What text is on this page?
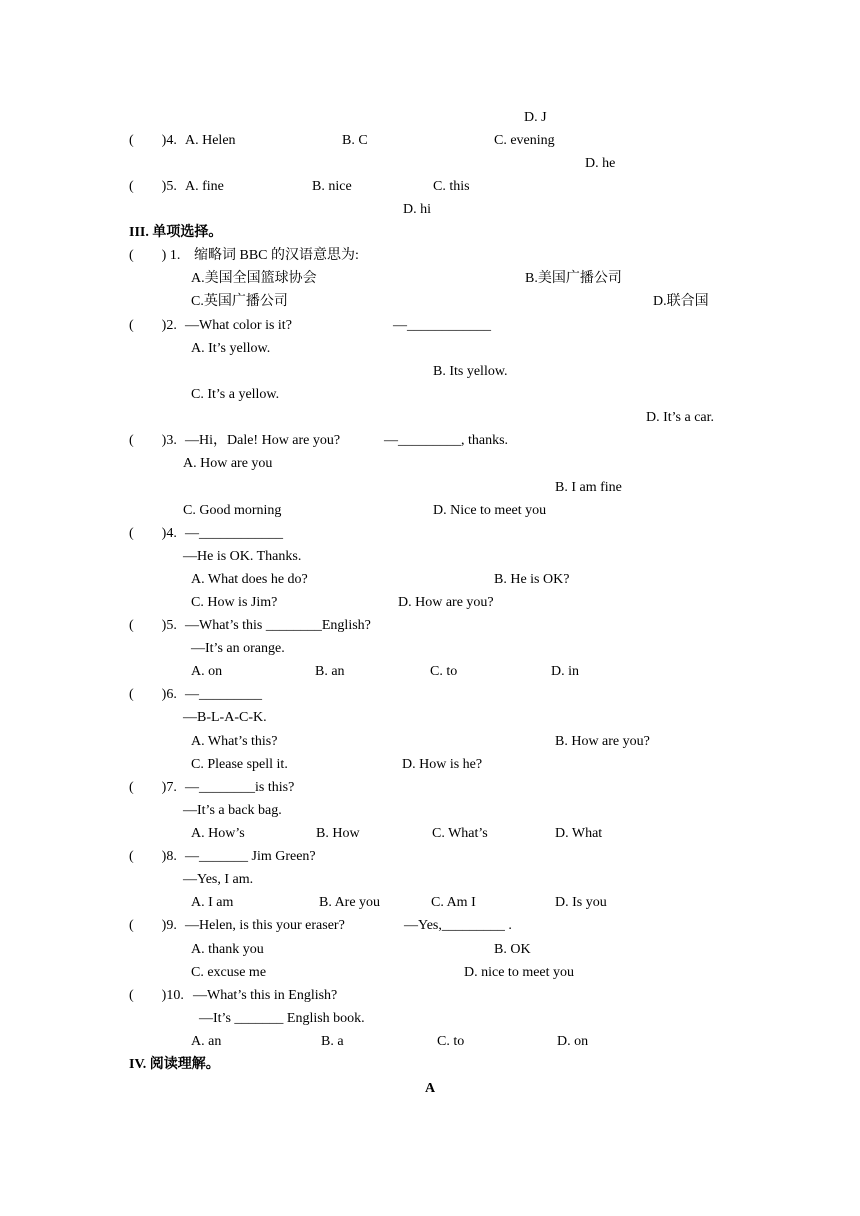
D. J
(　　)4. A. Helen	B. C	C. evening
D. he
(　　)5. A. fine	B. nice	C. this
D. hi
III. 单项选择。
(　　) 1. 缩略词 BBC 的汉语意思为:
A.美国全国篮球协会	B.美国广播公司
C.英国广播公司	D.联合国
(　　)2. —What color is it?	—____________
A. It’s yellow.
B. Its yellow.
C. It’s a yellow.
D. It’s a car.
(　　)3. —Hi，Dale! How are you?	—_________, thanks.
A. How are you
B. I am fine
C. Good morning	D. Nice to meet you
(　　)4. —____________
—He is OK. Thanks.
A. What does he do?	B. He is OK?
C. How is Jim?	D. How are you?
(　　)5. —What’s this ________English?
—It’s an orange.
A. on	B. an	C. to	D. in
(　　)6. —_________
—B-L-A-C-K.
A. What’s this?	B. How are you?
C. Please spell it.	D. How is he?
(　　)7. —________is this?
—It’s a back bag.
A. How’s	B. How	C. What’s	D. What
(　　)8. —_______ Jim Green?
—Yes, I am.
A. I am	B. Are you	C. Am I	D. Is you
(　　)9. —Helen, is this your eraser?	—Yes,_________ .
A. thank you	B. OK
C. excuse me	D. nice to meet you
(　　)10. —What’s this in English?
—It’s _______ English book.
A. an	B. a	C. to	D. on
IV. 阅读理解。
A
